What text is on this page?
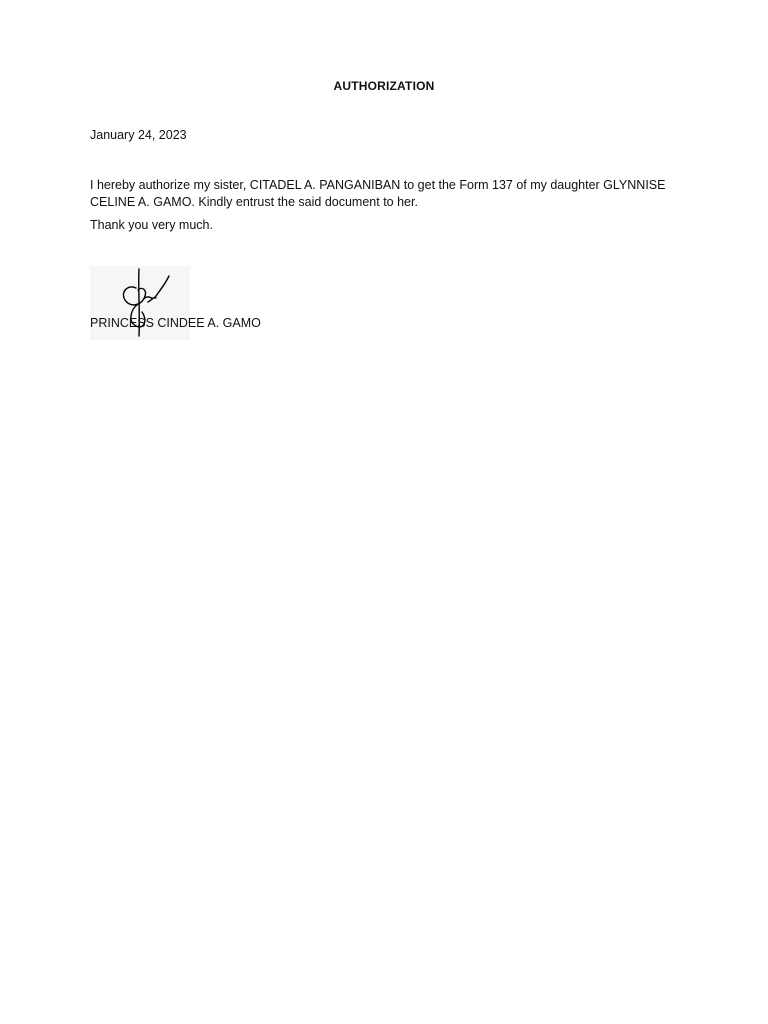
AUTHORIZATION
January 24, 2023
I hereby authorize my sister, CITADEL A. PANGANIBAN to get the Form 137 of my daughter GLYNNISE CELINE A. GAMO. Kindly entrust the said document to her.
Thank you very much.
PRINCESS CINDEE A. GAMO
